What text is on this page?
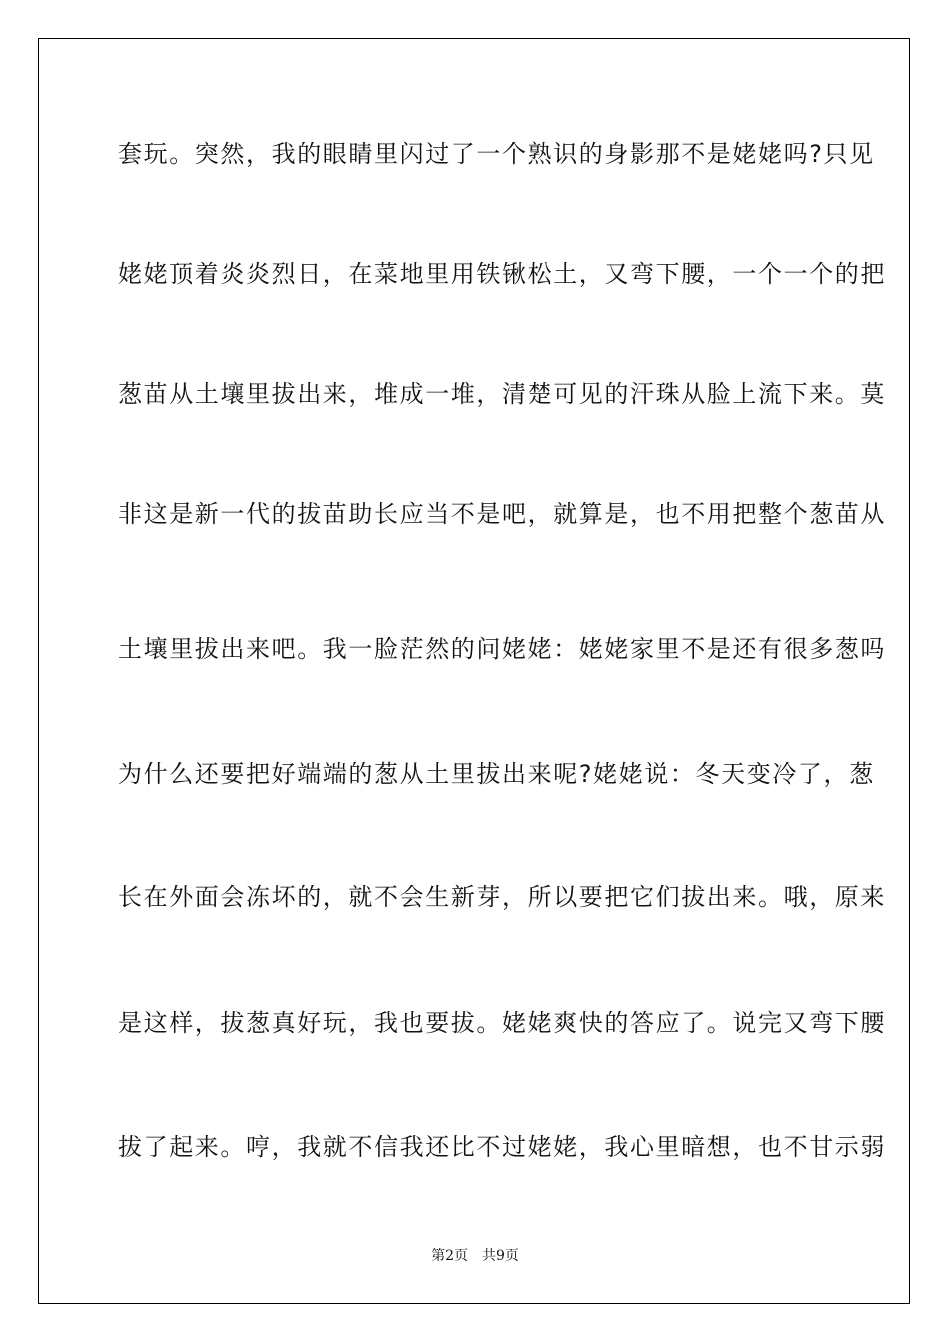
套玩。突然，我的眼睛里闪过了一个熟识的身影那不是姥姥吗?只见

姥姥顶着炎炎烈日，在菜地里用铁锹松土，又弯下腰，一个一个的把

葱苗从土壤里拔出来，堆成一堆，清楚可见的汗珠从脸上流下来。莫

非这是新一代的拔苗助长应当不是吧，就算是，也不用把整个葱苗从

土壤里拔出来吧。我一脸茫然的问姥姥：姥姥家里不是还有很多葱吗

为什么还要把好端端的葱从土里拔出来呢?姥姥说：冬天变冷了，葱

长在外面会冻坏的，就不会生新芽，所以要把它们拔出来。哦，原来

是这样，拔葱真好玩，我也要拔。姥姥爽快的答应了。说完又弯下腰

拔了起来。哼，我就不信我还比不过姥姥，我心里暗想，也不甘示弱

第2页 共9页
